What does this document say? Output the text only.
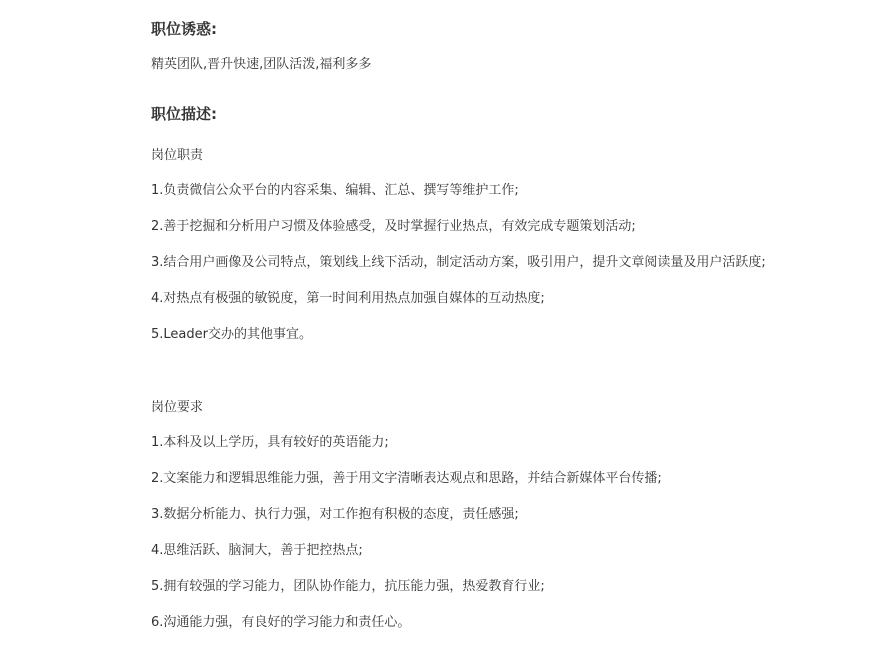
职位诱惑:
精英团队,晋升快速,团队活泼,福利多多
职位描述:
岗位职责
1.负责微信公众平台的内容采集、编辑、汇总、撰写等维护工作;
2.善于挖掘和分析用户习惯及体验感受，及时掌握行业热点，有效完成专题策划活动;
3.结合用户画像及公司特点，策划线上线下活动，制定活动方案，吸引用户，提升文章阅读量及用户活跃度;
4.对热点有极强的敏锐度，第一时间利用热点加强自媒体的互动热度;
5.Leader交办的其他事宜。
岗位要求
1.本科及以上学历，具有较好的英语能力;
2.文案能力和逻辑思维能力强，善于用文字清晰表达观点和思路，并结合新媒体平台传播;
3.数据分析能力、执行力强，对工作抱有积极的态度，责任感强;
4.思维活跃、脑洞大，善于把控热点;
5.拥有较强的学习能力，团队协作能力，抗压能力强，热爱教育行业;
6.沟通能力强，有良好的学习能力和责任心。
